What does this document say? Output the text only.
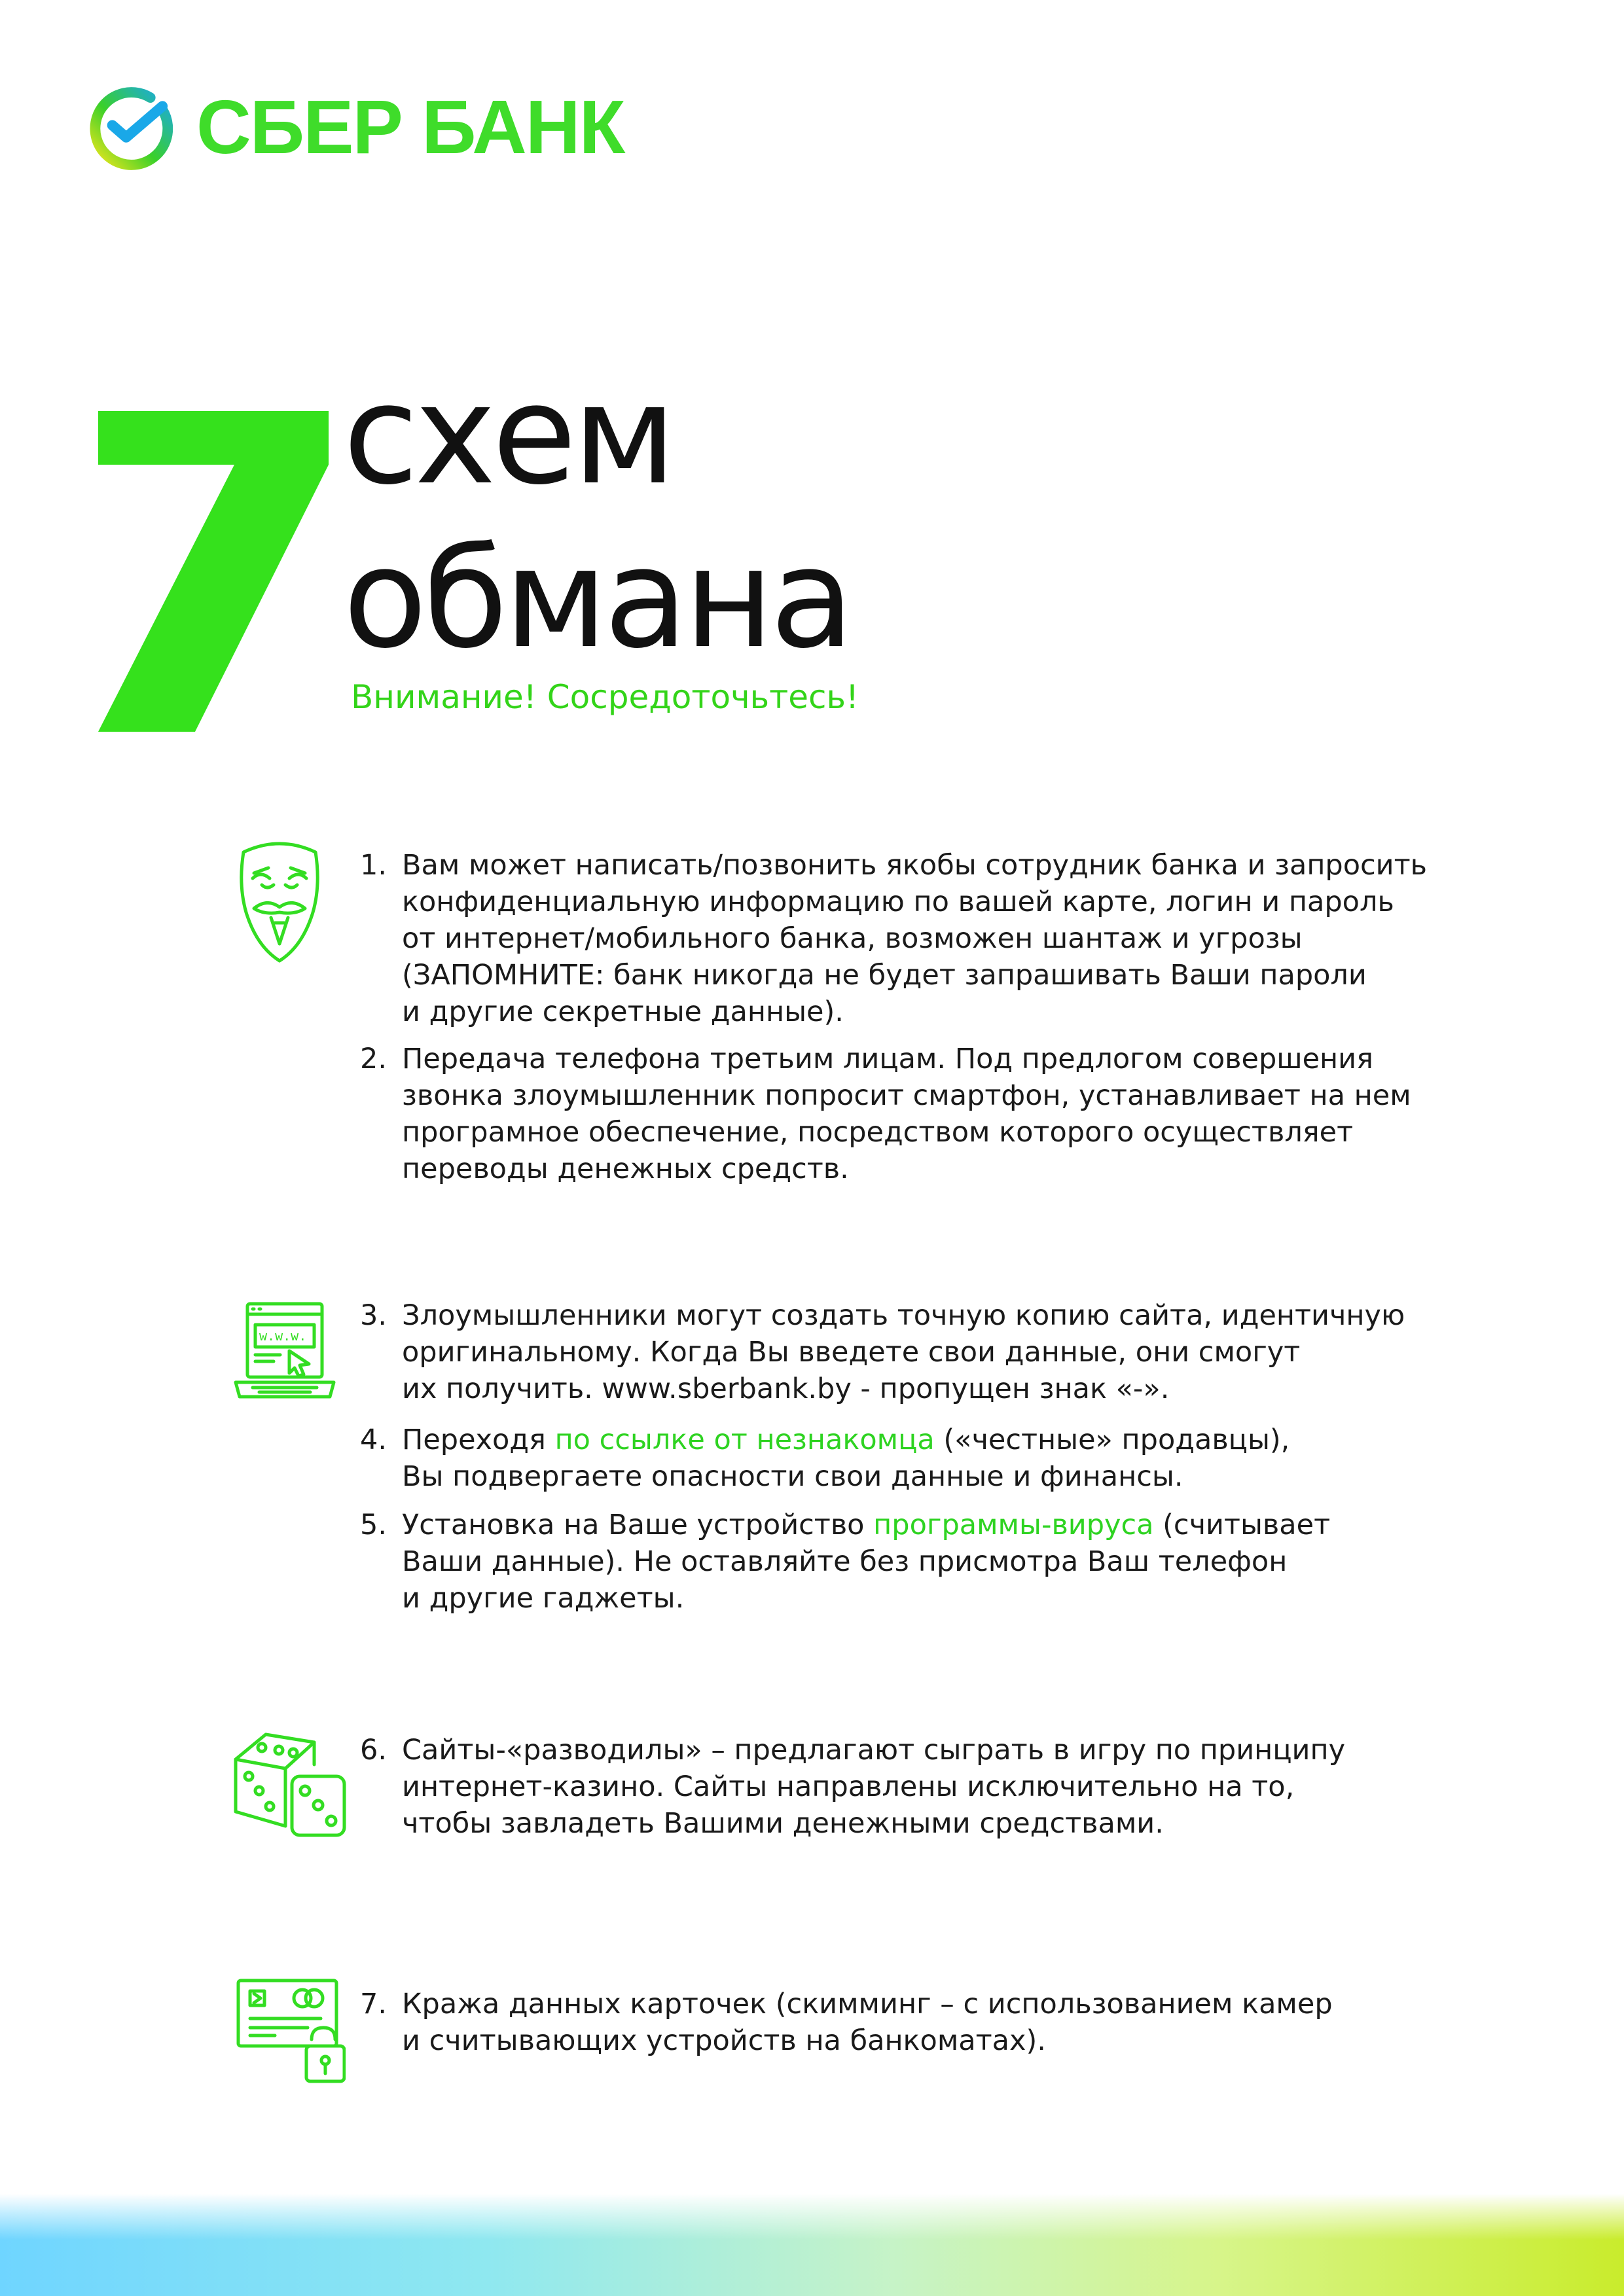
СБЕР БАНК
7 схем
обмана
Внимание! Сосредоточьтесь!
w.w.w.
1. Вам может написать/позвонить якобы сотрудник банка и запросить
конфиденциальную информацию по вашей карте, логин и пароль
от интернет/мобильного банка, возможен шантаж и угрозы
(ЗАПОМНИТЕ: банк никогда не будет запрашивать Ваши пароли
и другие секретные данные).
2. Передача телефона третьим лицам. Под предлогом совершения
звонка злоумышленник попросит смартфон, устанавливает на нем
програмное обеспечение, посредством которого осуществляет
переводы денежных средств.
3. Злоумышленники могут создать точную копию сайта, идентичную
оригинальному. Когда Вы введете свои данные, они смогут
их получить. www.sberbank.by - пропущен знак «-».
4. Переходя по ссылке от незнакомца («честные» продавцы),
Вы подвергаете опасности свои данные и финансы.
5. Установка на Ваше устройство программы-вируса (считывает
Ваши данные). Не оставляйте без присмотра Ваш телефон
и другие гаджеты.
6. Сайты-«разводилы» – предлагают сыграть в игру по принципу
интернет-казино. Сайты направлены исключительно на то,
чтобы завладеть Вашими денежными средствами.
7. Кража данных карточек (скимминг – с использованием камер
и считывающих устройств на банкоматах).
